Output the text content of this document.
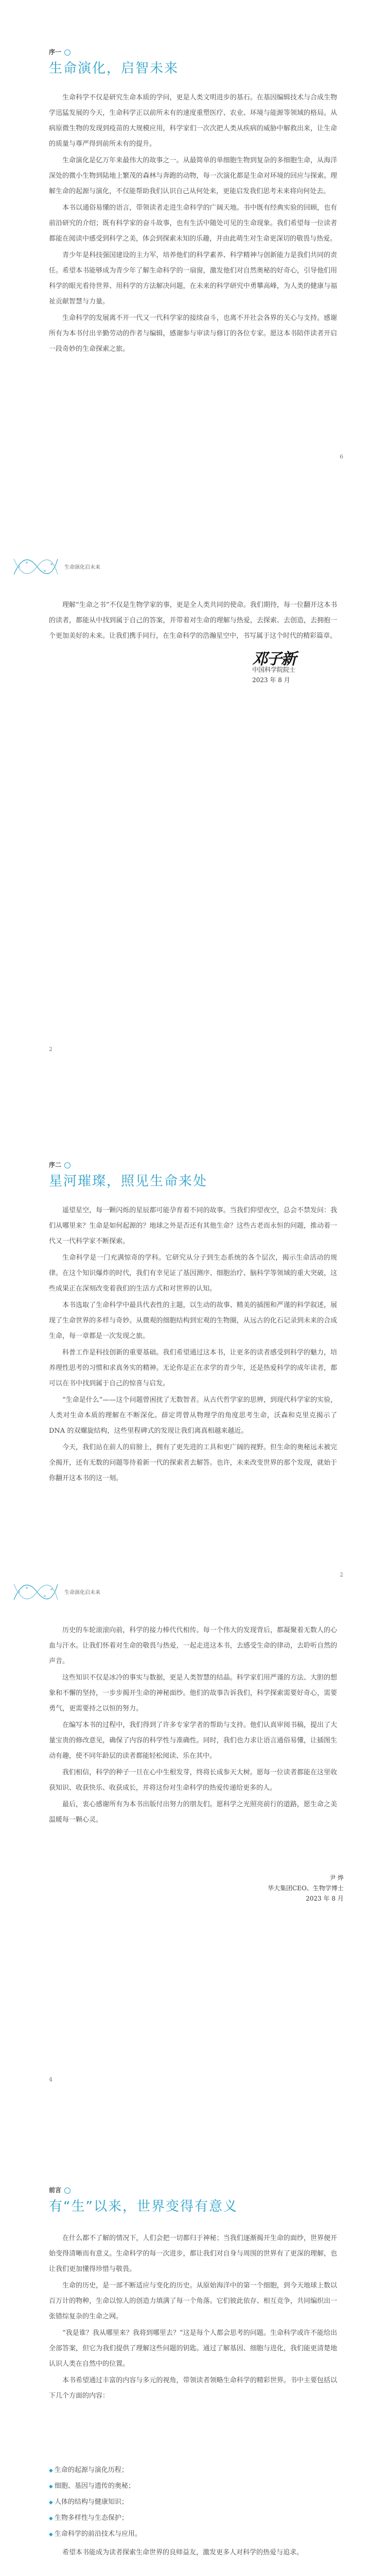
序一
生命演化，启智未来

生命科学不仅是研究生命本质的学问，更是人类文明进步的基石。在基因编辑技术与合成生物学迅猛发展的今天，生命科学正以前所未有的速度重塑医疗、农业、环境与能源等领域的格局。从病原微生物的发现到疫苗的大规模应用，科学家们一次次把人类从疾病的威胁中解救出来，让生命的质量与尊严得到前所未有的提升。

生命演化是亿万年来最伟大的故事之一。从最简单的单细胞生物到复杂的多细胞生命，从海洋深处的微小生物到陆地上繁茂的森林与奔跑的动物，每一次演化都是生命对环境的回应与探索。理解生命的起源与演化，不仅能帮助我们认识自己从何处来，更能启发我们思考未来将向何处去。

本书以通俗易懂的语言，带领读者走进生命科学的广阔天地。书中既有经典实验的回顾，也有前沿研究的介绍；既有科学家的奋斗故事，也有生活中随处可见的生命现象。我们希望每一位读者都能在阅读中感受到科学之美，体会到探索未知的乐趣，并由此萌生对生命更深切的敬畏与热爱。

青少年是科技强国建设的主力军，培养他们的科学素养、科学精神与创新能力是我们共同的责任。希望本书能够成为青少年了解生命科学的一扇窗，激发他们对自然奥秘的好奇心，引导他们用科学的眼光看待世界、用科学的方法解决问题，在未来的科学研究中勇攀高峰，为人类的健康与福祉贡献智慧与力量。

生命科学的发展离不开一代又一代科学家的接续奋斗，也离不开社会各界的关心与支持。感谢所有为本书付出辛勤劳动的作者与编辑，感谢参与审读与修订的各位专家。愿这本书陪伴读者开启一段奇妙的生命探索之旅。

6
生命演化启未来
理解“生命之书”不仅是生物学家的事，更是全人类共同的使命。我们期待，每一位翻开这本书的读者，都能从中找到属于自己的答案，并带着对生命的理解与热爱，去探索、去创造，去拥抱一个更加美好的未来。让我们携手同行，在生命科学的浩瀚星空中，书写属于这个时代的精彩篇章。
邓子新
中国科学院院士
2023 年 8 月
2
序二
星河璀璨，照见生命来处

遥望星空，每一颗闪烁的星辰都可能孕育着不同的故事。当我们仰望夜空，总会不禁发问：我们从哪里来？生命是如何起源的？地球之外是否还有其他生命？这些古老而永恒的问题，推动着一代又一代科学家不断探索。

生命科学是一门充满惊奇的学科。它研究从分子到生态系统的各个层次，揭示生命活动的规律。在这个知识爆炸的时代，我们有幸见证了基因测序、细胞治疗、脑科学等领域的重大突破，这些成果正在深刻改变着我们的生活方式和对世界的认知。

本书选取了生命科学中最具代表性的主题，以生动的故事、精美的插图和严谨的科学叙述，展现了生命世界的多样与奇妙。从微观的细胞结构到宏观的生物圈，从远古的化石记录到未来的合成生命，每一章都是一次发现之旅。

科普工作是科技创新的重要基础。我们希望通过这本书，让更多的读者感受到科学的魅力，培养理性思考的习惯和求真务实的精神。无论你是正在求学的青少年，还是热爱科学的成年读者，都可以在书中找到属于自己的惊喜与启发。

“生命是什么”——这个问题曾困扰了无数智者。从古代哲学家的思辨，到现代科学家的实验，人类对生命本质的理解在不断深化。薛定谔曾从物理学的角度思考生命，沃森和克里克揭示了 DNA 的双螺旋结构，这些里程碑式的发现让我们离真相越来越近。

今天，我们站在前人的肩膀上，拥有了更先进的工具和更广阔的视野。但生命的奥秘远未被完全揭开，还有无数的问题等待着新一代的探索者去解答。也许，未来改变世界的那个发现，就始于你翻开这本书的这一刻。

2
生命演化启未来

历史的车轮滚滚向前，科学的接力棒代代相传。每一个伟大的发现背后，都凝聚着无数人的心血与汗水。让我们怀着对生命的敬畏与热爱，一起走进这本书，去感受生命的律动，去聆听自然的声音。

这些知识不仅是冰冷的事实与数据，更是人类智慧的结晶。科学家们用严谨的方法、大胆的想象和不懈的坚持，一步步揭开生命的神秘面纱。他们的故事告诉我们，科学探索需要好奇心，需要勇气，更需要持之以恒的努力。

在编写本书的过程中，我们得到了许多专家学者的帮助与支持。他们认真审阅书稿，提出了大量宝贵的修改意见，确保了内容的科学性与准确性。同时，我们也力求让语言通俗易懂，让插图生动有趣，使不同年龄层的读者都能轻松阅读、乐在其中。

我们相信，科学的种子一旦在心中生根发芽，终将长成参天大树。愿每一位读者都能在这里收获知识、收获快乐、收获成长，并将这份对生命科学的热爱传递给更多的人。

最后，衷心感谢所有为本书出版付出努力的朋友们。愿科学之光照亮前行的道路，愿生命之美温暖每一颗心灵。

尹 烨
华大集团CEO、生物学博士
2023 年 8 月
4
前言
有“生”以来，世界变得有意义

在什么都不了解的情况下，人们会把一切都归于神秘；当我们逐渐揭开生命的面纱，世界便开始变得清晰而有意义。生命科学的每一次进步，都让我们对自身与周围的世界有了更深的理解，也让我们更加懂得珍惜与敬畏。

生命的历史，是一部不断适应与变化的历史。从原始海洋中的第一个细胞，到今天地球上数以百万计的物种，生命以惊人的创造力填满了每一个角落。它们彼此依存、相互竞争，共同编织出一张错综复杂的生命之网。

“我是谁？我从哪里来？我将到哪里去？”这是每个人都会思考的问题。生命科学或许不能给出全部答案，但它为我们提供了理解这些问题的钥匙。通过了解基因、细胞与进化，我们能更清楚地认识人类在自然中的位置。

本书希望通过丰富的内容与多元的视角，带领读者领略生命科学的精彩世界。书中主要包括以下几个方面的内容：

◆ 生命的起源与演化历程；
◆ 细胞、基因与遗传的奥秘；
◆ 人体的结构与健康知识；
◆ 生物多样性与生态保护；
◆ 生命科学的前沿技术与应用。
希望本书能成为读者探索生命世界的良师益友，激发更多人对科学的热爱与追求。
